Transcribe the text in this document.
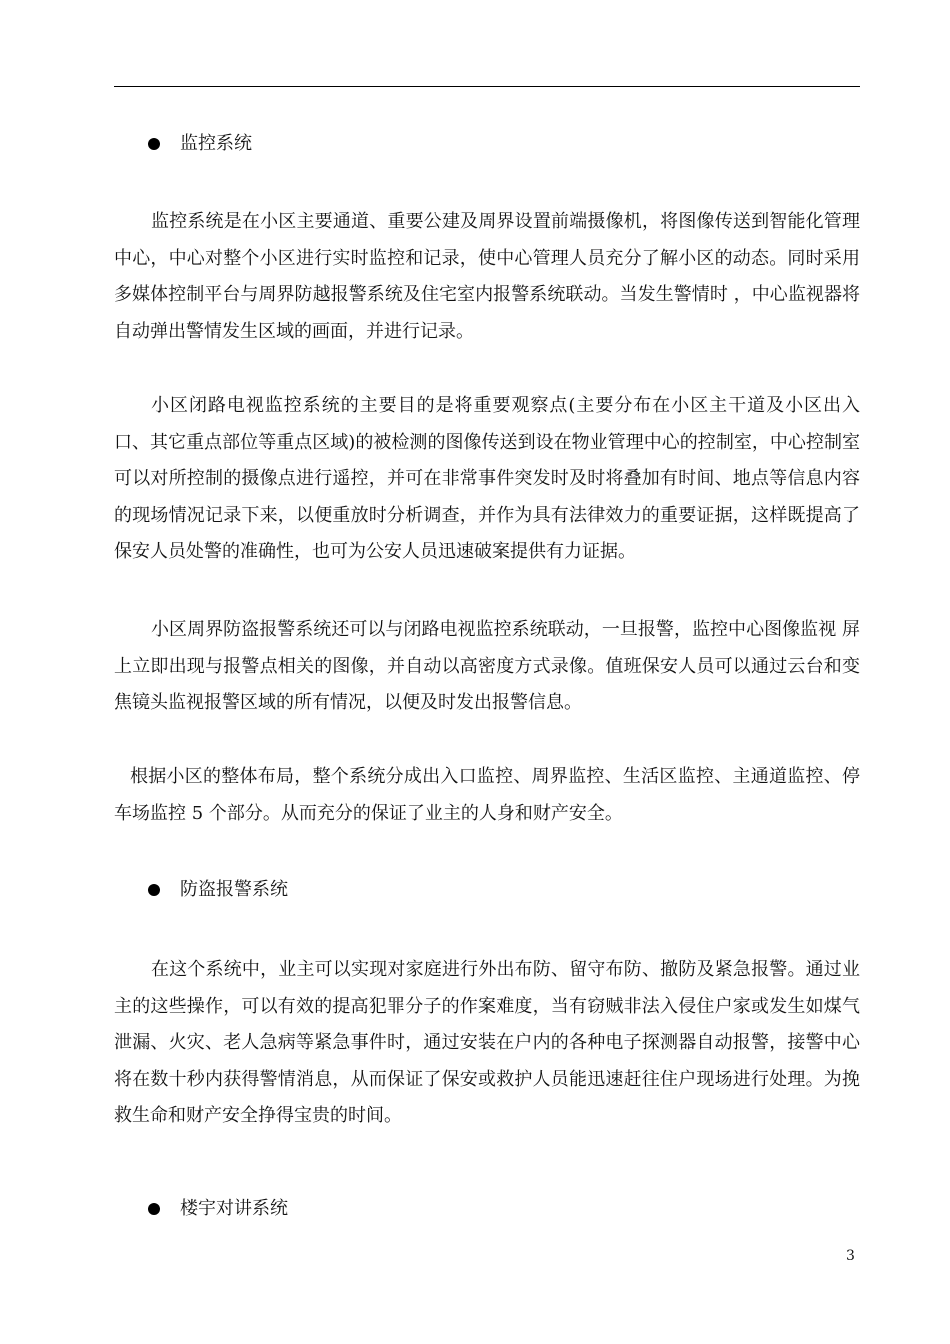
监控系统

监控系统是在小区主要通道、重要公建及周界设置前端摄像机，将图像传送到智能化管理中心，中心对整个小区进行实时监控和记录，使中心管理人员充分了解小区的动态。同时采用多媒体控制平台与周界防越报警系统及住宅室内报警系统联动。当发生警情时 ，中心监视器将自动弹出警情发生区域的画面，并进行记录。

小区闭路电视监控系统的主要目的是将重要观察点(主要分布在小区主干道及小区出入口、其它重点部位等重点区域)的被检测的图像传送到设在物业管理中心的控制室，中心控制室可以对所控制的摄像点进行遥控，并可在非常事件突发时及时将叠加有时间、地点等信息内容的现场情况记录下来，以便重放时分析调查，并作为具有法律效力的重要证据，这样既提高了保安人员处警的准确性，也可为公安人员迅速破案提供有力证据。

小区周界防盗报警系统还可以与闭路电视监控系统联动，一旦报警，监控中心图像监视 屏上立即出现与报警点相关的图像，并自动以高密度方式录像。值班保安人员可以通过云台和变焦镜头监视报警区域的所有情况，以便及时发出报警信息。

根据小区的整体布局，整个系统分成出入口监控、周界监控、生活区监控、主通道监控、停车场监控 5 个部分。从而充分的保证了业主的人身和财产安全。

防盗报警系统

在这个系统中，业主可以实现对家庭进行外出布防、留守布防、撤防及紧急报警。通过业主的这些操作，可以有效的提高犯罪分子的作案难度，当有窃贼非法入侵住户家或发生如煤气泄漏、火灾、老人急病等紧急事件时，通过安装在户内的各种电子探测器自动报警，接警中心将在数十秒内获得警情消息，从而保证了保安或救护人员能迅速赶往住户现场进行处理。为挽救生命和财产安全挣得宝贵的时间。

楼宇对讲系统
3
